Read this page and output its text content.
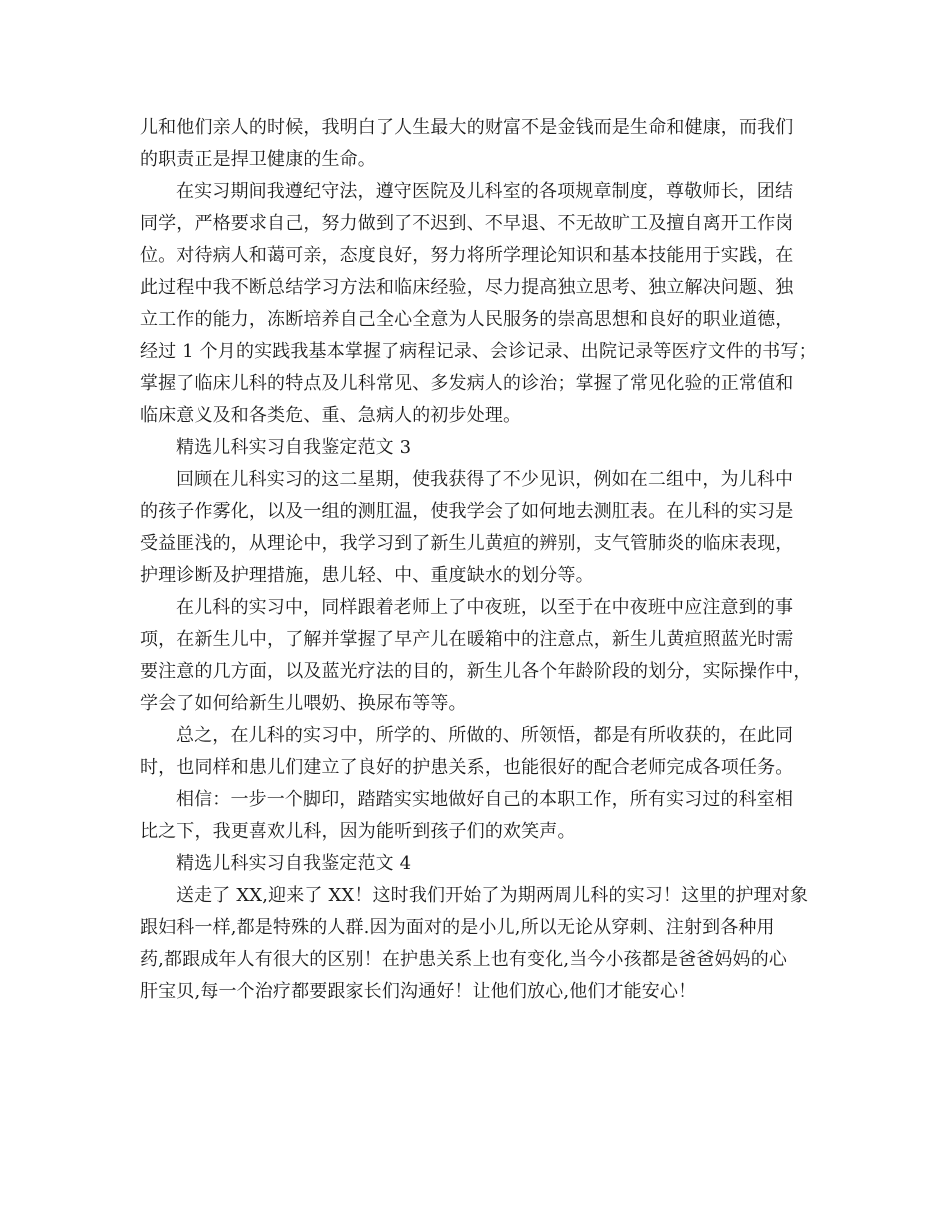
儿和他们亲人的时候，我明白了人生最大的财富不是金钱而是生命和健康，而我们
的职责正是捍卫健康的生命。
在实习期间我遵纪守法，遵守医院及儿科室的各项规章制度，尊敬师长，团结
同学，严格要求自己，努力做到了不迟到、不早退、不无故旷工及擅自离开工作岗
位。对待病人和蔼可亲，态度良好，努力将所学理论知识和基本技能用于实践，在
此过程中我不断总结学习方法和临床经验，尽力提高独立思考、独立解决问题、独
立工作的能力，冻断培养自己全心全意为人民服务的崇高思想和良好的职业道德，
经过 1 个月的实践我基本掌握了病程记录、会诊记录、出院记录等医疗文件的书写；
掌握了临床儿科的特点及儿科常见、多发病人的诊治；掌握了常见化验的正常值和
临床意义及和各类危、重、急病人的初步处理。
精选儿科实习自我鉴定范文 3
回顾在儿科实习的这二星期，使我获得了不少见识，例如在二组中，为儿科中
的孩子作雾化，以及一组的测肛温，使我学会了如何地去测肛表。在儿科的实习是
受益匪浅的，从理论中，我学习到了新生儿黄疸的辨别，支气管肺炎的临床表现，
护理诊断及护理措施，患儿轻、中、重度缺水的划分等。
在儿科的实习中，同样跟着老师上了中夜班，以至于在中夜班中应注意到的事
项，在新生儿中，了解并掌握了早产儿在暖箱中的注意点，新生儿黄疸照蓝光时需
要注意的几方面，以及蓝光疗法的目的，新生儿各个年龄阶段的划分，实际操作中，
学会了如何给新生儿喂奶、换尿布等等。
总之，在儿科的实习中，所学的、所做的、所领悟，都是有所收获的，在此同
时，也同样和患儿们建立了良好的护患关系，也能很好的配合老师完成各项任务。
相信：一步一个脚印，踏踏实实地做好自己的本职工作，所有实习过的科室相
比之下，我更喜欢儿科，因为能听到孩子们的欢笑声。
精选儿科实习自我鉴定范文 4
送走了 XX,迎来了 XX！这时我们开始了为期两周儿科的实习！这里的护理对象
跟妇科一样,都是特殊的人群.因为面对的是小儿,所以无论从穿刺、注射到各种用
药,都跟成年人有很大的区别！在护患关系上也有变化,当今小孩都是爸爸妈妈的心
肝宝贝,每一个治疗都要跟家长们沟通好！让他们放心,他们才能安心！
